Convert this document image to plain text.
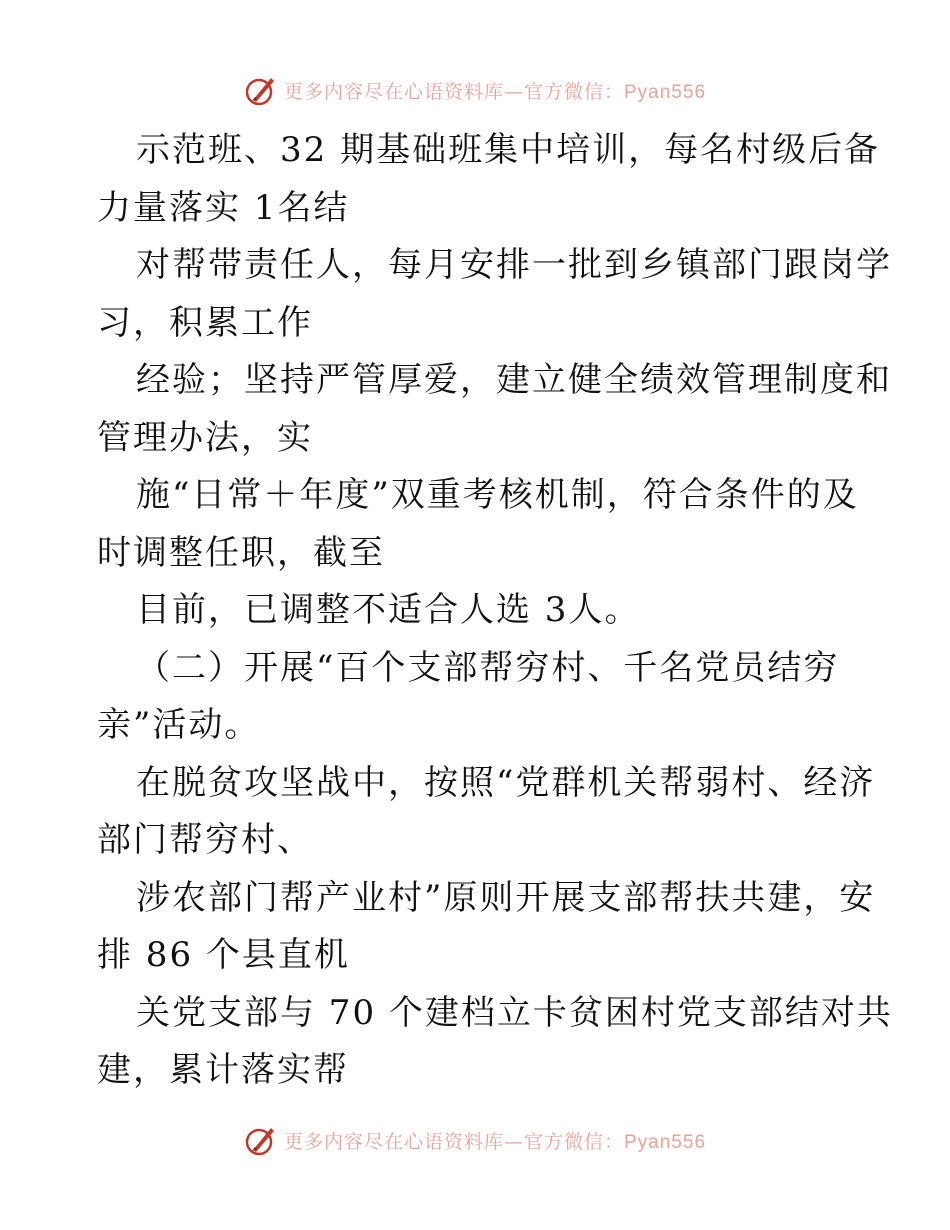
更多内容尽在心语资料库—官方微信：Pyan556
示范班、32 期基础班集中培训，每名村级后备
力量落实 1名结
对帮带责任人，每月安排一批到乡镇部门跟岗学
习，积累工作
经验；坚持严管厚爱，建立健全绩效管理制度和
管理办法，实
施“日常＋年度”双重考核机制，符合条件的及
时调整任职，截至
目前，已调整不适合人选 3人。
（二）开展“百个支部帮穷村、千名党员结穷
亲”活动。
在脱贫攻坚战中，按照“党群机关帮弱村、经济
部门帮穷村、
涉农部门帮产业村”原则开展支部帮扶共建，安
排 86 个县直机
关党支部与 70 个建档立卡贫困村党支部结对共
建，累计落实帮
更多内容尽在心语资料库—官方微信：Pyan556
